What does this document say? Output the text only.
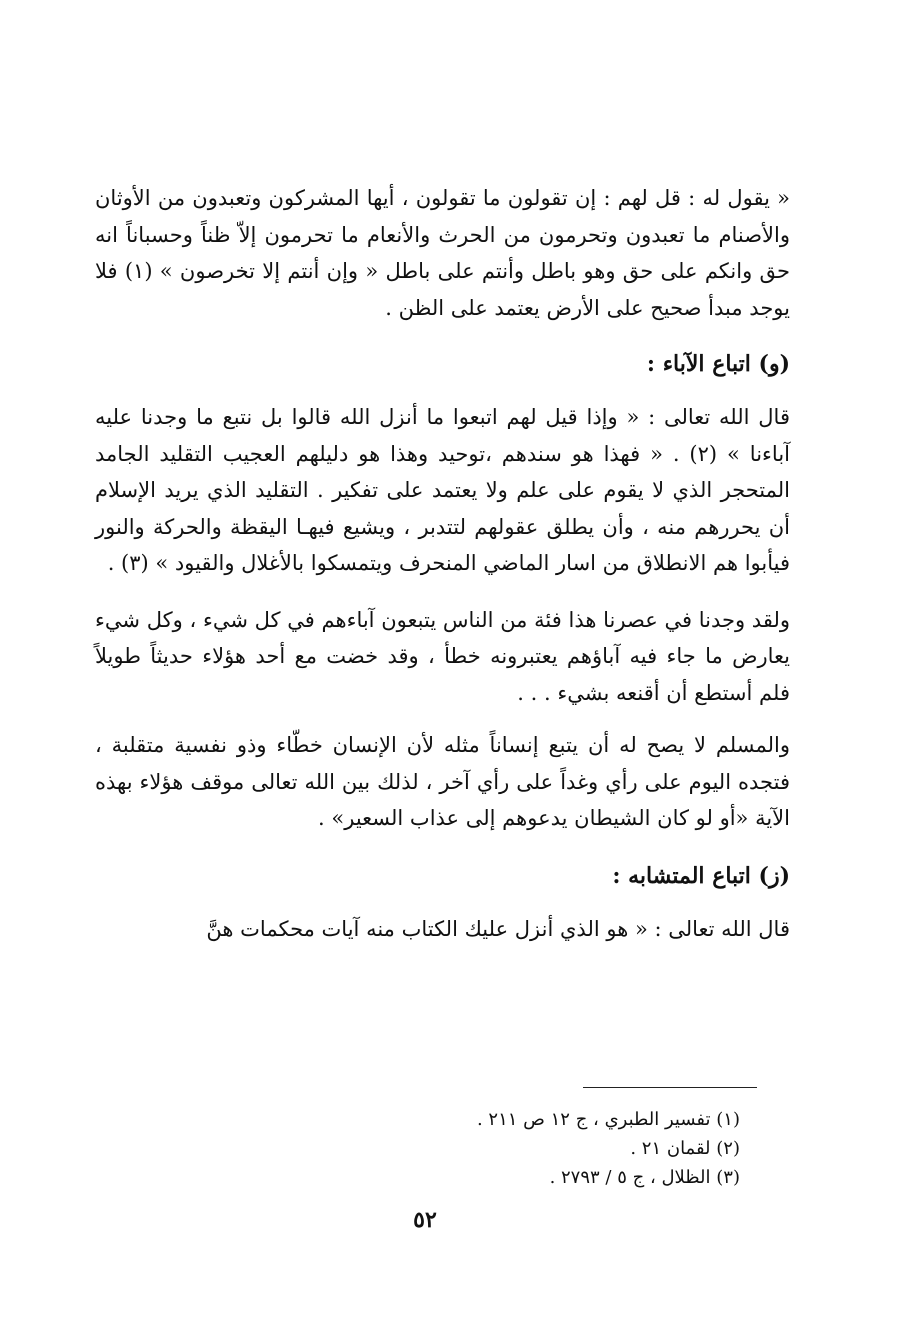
« يقول له : قل لهم : إن تقولون ما تقولون ، أيها المشركون وتعبدون من الأوثان والأصنام ما تعبدون وتحرمون من الحرث والأنعام ما تحرمون إلاّ ظناً وحسباناً انه حق وانكم على حق وهو باطل وأنتم على باطل « وإن أنتم إلا تخرصون » (١) فلا يوجد مبدأ صحيح على الأرض يعتمد على الظن .

(و) اتباع الآباء :

قال الله تعالى : « وإذا قيل لهم اتبعوا ما أنزل الله قالوا بل نتبع ما وجدنا عليه آباءنا » (٢) . « فهذا هو سندهم ،توحيد وهذا هو دليلهم العجيب التقليد الجامد المتحجر الذي لا يقوم على علم ولا يعتمد على تفكير . التقليد الذي يريد الإسلام أن يحررهم منه ، وأن يطلق عقولهم لتتدبر ، ويشيع فيهـا اليقظة والحركة والنور فيأبوا هم الانطلاق من اسار الماضي المنحرف ويتمسكوا بالأغلال والقيود » (٣) .

ولقد وجدنا في عصرنا هذا فئة من الناس يتبعون آباءهم في كل شيء ، وكل شيء يعارض ما جاء فيه آباؤهم يعتبرونه خطأ ، وقد خضت مع أحد هؤلاء حديثاً طويلاً فلم أستطع أن أقنعه بشيء . . .

والمسلم لا يصح له أن يتبع إنساناً مثله لأن الإنسان خطّاء وذو نفسية متقلبة ، فتجده اليوم على رأي وغداً على رأي آخر ، لذلك بين الله تعالى موقف هؤلاء بهذه الآية «أو لو كان الشيطان يدعوهم إلى عذاب السعير» .

(ز) اتباع المتشابه :

قال الله تعالى : « هو الذي أنزل عليك الكتاب منه آيات محكمات هنَّ

(١) تفسير الطبري ، ج ١٢ ص ٢١١ .
(٢) لقمان ٢١ .
(٣) الظلال ، ج ٥ / ٢٧٩٣ .
٥٢
